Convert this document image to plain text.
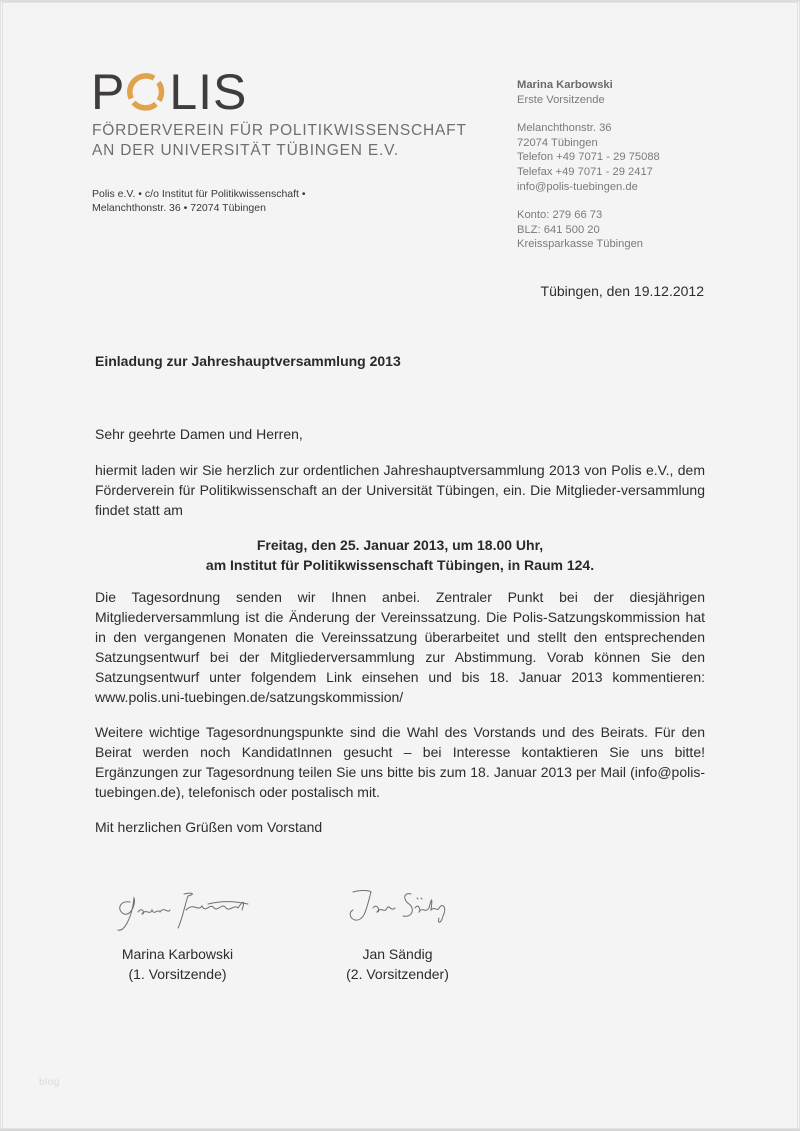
P LIS
FÖRDERVEREIN FÜR POLITIKWISSENSCHAFT
AN DER UNIVERSITÄT TÜBINGEN E.V.
Polis e.V. • c/o Institut für Politikwissenschaft •
Melanchthonstr. 36 • 72074 Tübingen
Marina Karbowski
Erste Vorsitzende
Melanchthonstr. 36
72074 Tübingen
Telefon +49 7071 - 29 75088
Telefax +49 7071 - 29 2417
info@polis-tuebingen.de
Konto: 279 66 73
BLZ: 641 500 20
Kreissparkasse Tübingen
Tübingen, den 19.12.2012
Einladung zur Jahreshauptversammlung 2013
Sehr geehrte Damen und Herren,
hiermit laden wir Sie herzlich zur ordentlichen Jahreshauptversammlung 2013 von Polis e.V., dem Förderverein für Politikwissenschaft an der Universität Tübingen, ein. Die Mitglieder-versammlung findet statt am
Freitag, den 25. Januar 2013, um 18.00 Uhr,
am Institut für Politikwissenschaft Tübingen, in Raum 124.
Die Tagesordnung senden wir Ihnen anbei. Zentraler Punkt bei der diesjährigen Mitgliederversammlung ist die Änderung der Vereinssatzung. Die Polis-Satzungskommission hat in den vergangenen Monaten die Vereinssatzung überarbeitet und stellt den entsprechenden Satzungsentwurf bei der Mitgliederversammlung zur Abstimmung. Vorab können Sie den Satzungsentwurf unter folgendem Link einsehen und bis 18. Januar 2013 kommentieren: www.polis.uni-tuebingen.de/satzungskommission/
Weitere wichtige Tagesordnungspunkte sind die Wahl des Vorstands und des Beirats. Für den Beirat werden noch KandidatInnen gesucht – bei Interesse kontaktieren Sie uns bitte! Ergänzungen zur Tagesordnung teilen Sie uns bitte bis zum 18. Januar 2013 per Mail (info@polis-tuebingen.de), telefonisch oder postalisch mit.
Mit herzlichen Grüßen vom Vorstand
Marina Karbowski
(1. Vorsitzende)
Jan Sändig
(2. Vorsitzender)
blog
